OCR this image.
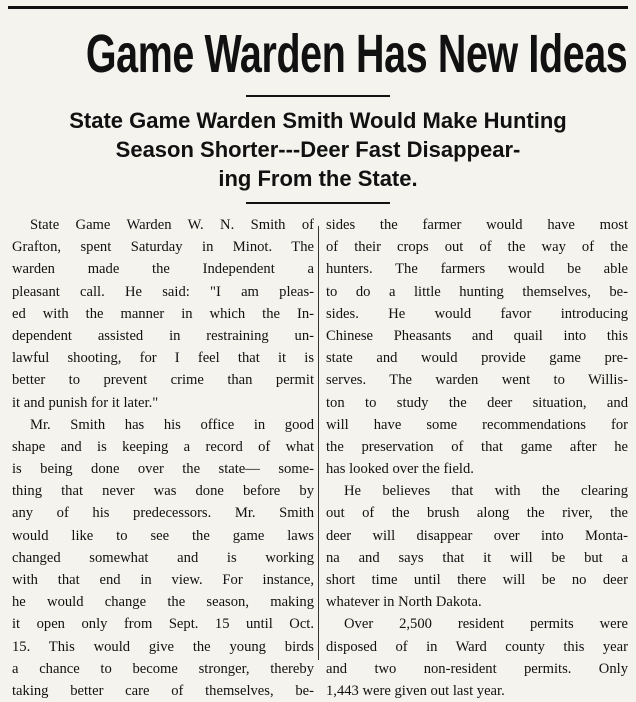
Game Warden Has New Ideas
State Game Warden Smith Would Make Hunting
Season Shorter---Deer Fast Disappear-
ing From the State.
State Game Warden W. N. Smith of
Grafton, spent Saturday in Minot. The
warden made the Independent a
pleasant call. He said: "I am pleas-
ed with the manner in which the In-
dependent assisted in restraining un-
lawful shooting, for I feel that it is
better to prevent crime than permit
it and punish for it later."
Mr. Smith has his office in good
shape and is keeping a record of what
is being done over the state— some-
thing that never was done before by
any of his predecessors. Mr. Smith
would like to see the game laws
changed somewhat and is working
with that end in view. For instance,
he would change the season, making
it open only from Sept. 15 until Oct.
15. This would give the young birds
a chance to become stronger, thereby
taking better care of themselves, be-
sides the farmer would have most
of their crops out of the way of the
hunters. The farmers would be able
to do a little hunting themselves, be-
sides. He would favor introducing
Chinese Pheasants and quail into this
state and would provide game pre-
serves. The warden went to Willis-
ton to study the deer situation, and
will have some recommendations for
the preservation of that game after he
has looked over the field.
He believes that with the clearing
out of the brush along the river, the
deer will disappear over into Monta-
na and says that it will be but a
short time until there will be no deer
whatever in North Dakota.
Over 2,500 resident permits were
disposed of in Ward county this year
and two non-resident permits. Only
1,443 were given out last year.
